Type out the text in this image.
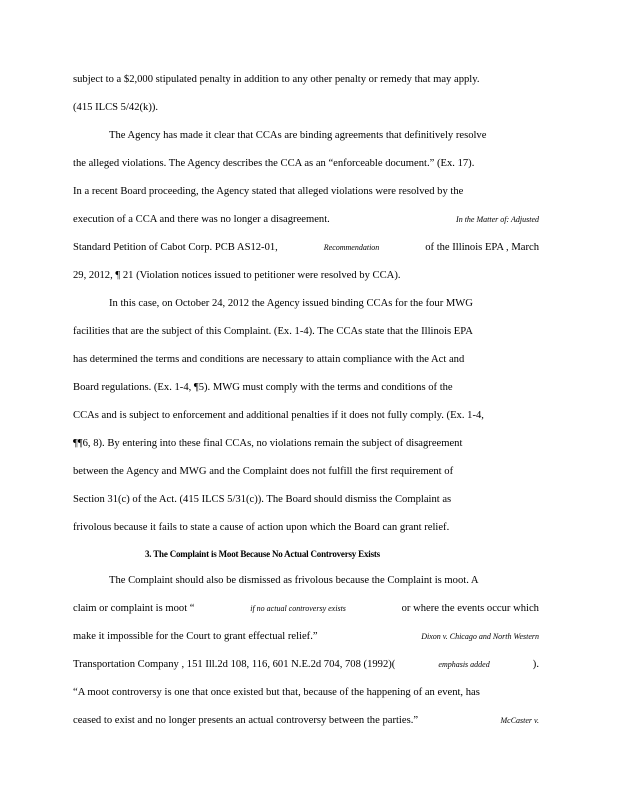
subject to a $2,000 stipulated penalty in addition to any other penalty or remedy that may apply.
(415 ILCS 5/42(k)).
The Agency has made it clear that CCAs are binding agreements that definitively resolve
the alleged violations. The Agency describes the CCA as an “enforceable document.” (Ex. 17).
In a recent Board proceeding, the Agency stated that alleged violations were resolved by the
execution of a CCA and there was no longer a disagreement.	In the Matter of: Adjusted
Standard Petition of Cabot Corp. PCB AS12-01,	Recommendation	of the Illinois EPA , March
29, 2012, ¶ 21 (Violation notices issued to petitioner were resolved by CCA).
In this case, on October 24, 2012 the Agency issued binding CCAs for the four MWG
facilities that are the subject of this Complaint. (Ex. 1-4). The CCAs state that the Illinois EPA
has determined the terms and conditions are necessary to attain compliance with the Act and
Board regulations. (Ex. 1-4, ¶5). MWG must comply with the terms and conditions of the
CCAs and is subject to enforcement and additional penalties if it does not fully comply. (Ex. 1-4,
¶¶6, 8). By entering into these final CCAs, no violations remain the subject of disagreement
between the Agency and MWG and the Complaint does not fulfill the first requirement of
Section 31(c) of the Act. (415 ILCS 5/31(c)). The Board should dismiss the Complaint as
frivolous because it fails to state a cause of action upon which the Board can grant relief.
3. The Complaint is Moot Because No Actual Controversy Exists
The Complaint should also be dismissed as frivolous because the Complaint is moot. A
claim or complaint is moot “	if no actual controversy exists	or where the events occur which
make it impossible for the Court to grant effectual relief.”	Dixon v. Chicago and North Western
Transportation Company , 151 Ill.2d 108, 116, 601 N.E.2d 704, 708 (1992)(	emphasis added	).
“A moot controversy is one that once existed but that, because of the happening of an event, has
ceased to exist and no longer presents an actual controversy between the parties.”	McCaster v.
